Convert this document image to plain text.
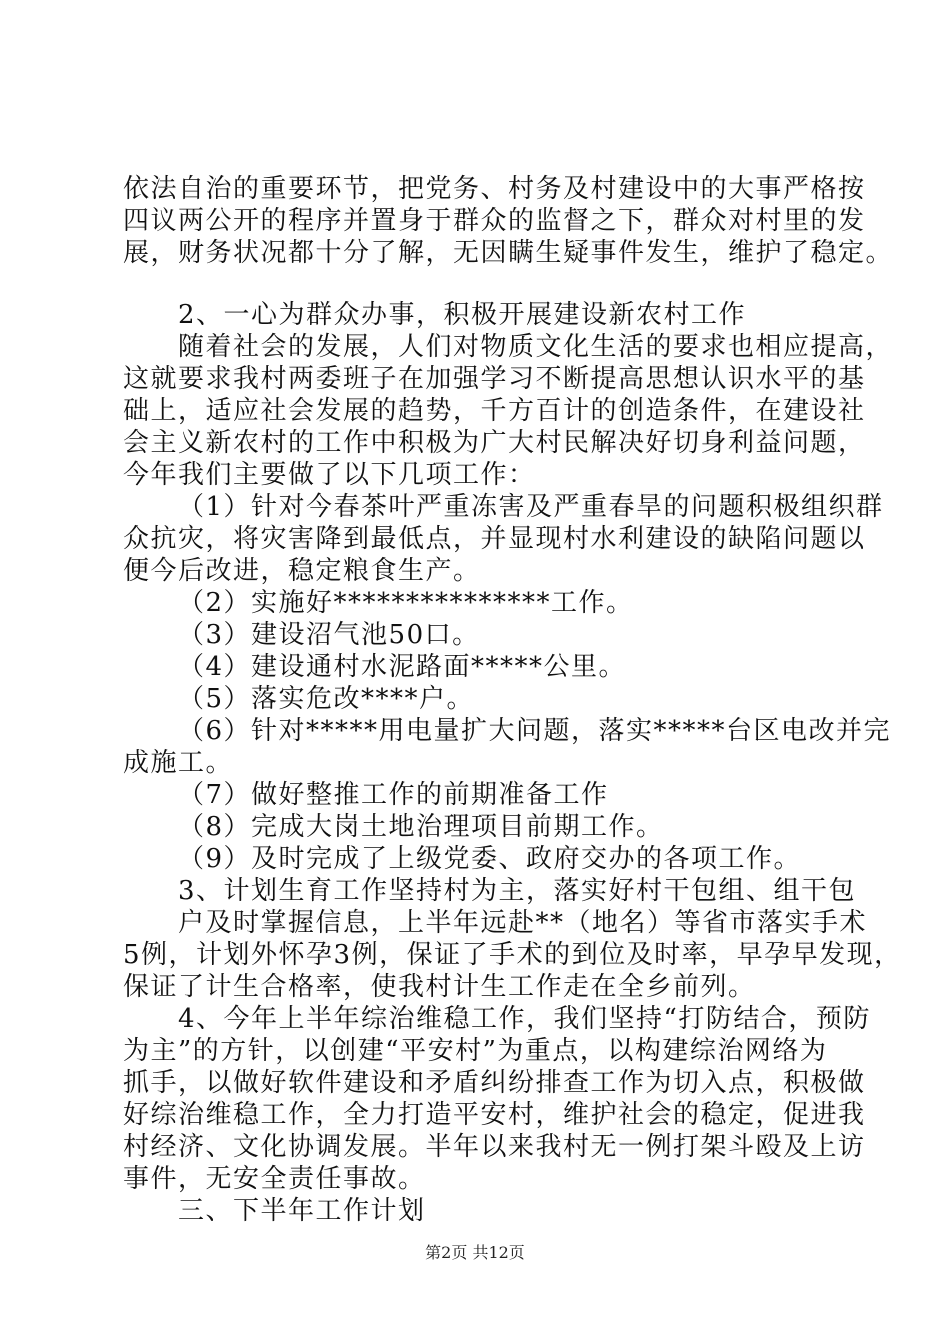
依法自治的重要环节，把党务、村务及村建设中的大事严格按
四议两公开的程序并置身于群众的监督之下，群众对村里的发
展，财务状况都十分了解，无因瞒生疑事件发生，维护了稳定。
2、一心为群众办事，积极开展建设新农村工作
随着社会的发展，人们对物质文化生活的要求也相应提高，
这就要求我村两委班子在加强学习不断提高思想认识水平的基
础上，适应社会发展的趋势，千方百计的创造条件，在建设社
会主义新农村的工作中积极为广大村民解决好切身利益问题，
今年我们主要做了以下几项工作：
（1）针对今春茶叶严重冻害及严重春旱的问题积极组织群
众抗灾，将灾害降到最低点，并显现村水利建设的缺陷问题以
便今后改进，稳定粮食生产。
（2）实施好***************工作。
（3）建设沼气池50口。
（4）建设通村水泥路面*****公里。
（5）落实危改****户。
（6）针对*****用电量扩大问题，落实*****台区电改并完
成施工。
（7）做好整推工作的前期准备工作
（8）完成大岗土地治理项目前期工作。
（9）及时完成了上级党委、政府交办的各项工作。
3、计划生育工作坚持村为主，落实好村干包组、组干包
户及时掌握信息，上半年远赴**（地名）等省市落实手术
5例，计划外怀孕3例，保证了手术的到位及时率，早孕早发现，
保证了计生合格率，使我村计生工作走在全乡前列。
4、今年上半年综治维稳工作，我们坚持“打防结合，预防
为主”的方针，以创建“平安村”为重点，以构建综治网络为
抓手，以做好软件建设和矛盾纠纷排查工作为切入点，积极做
好综治维稳工作，全力打造平安村，维护社会的稳定，促进我
村经济、文化协调发展。半年以来我村无一例打架斗殴及上访
事件，无安全责任事故。
三、下半年工作计划
第2页 共12页
